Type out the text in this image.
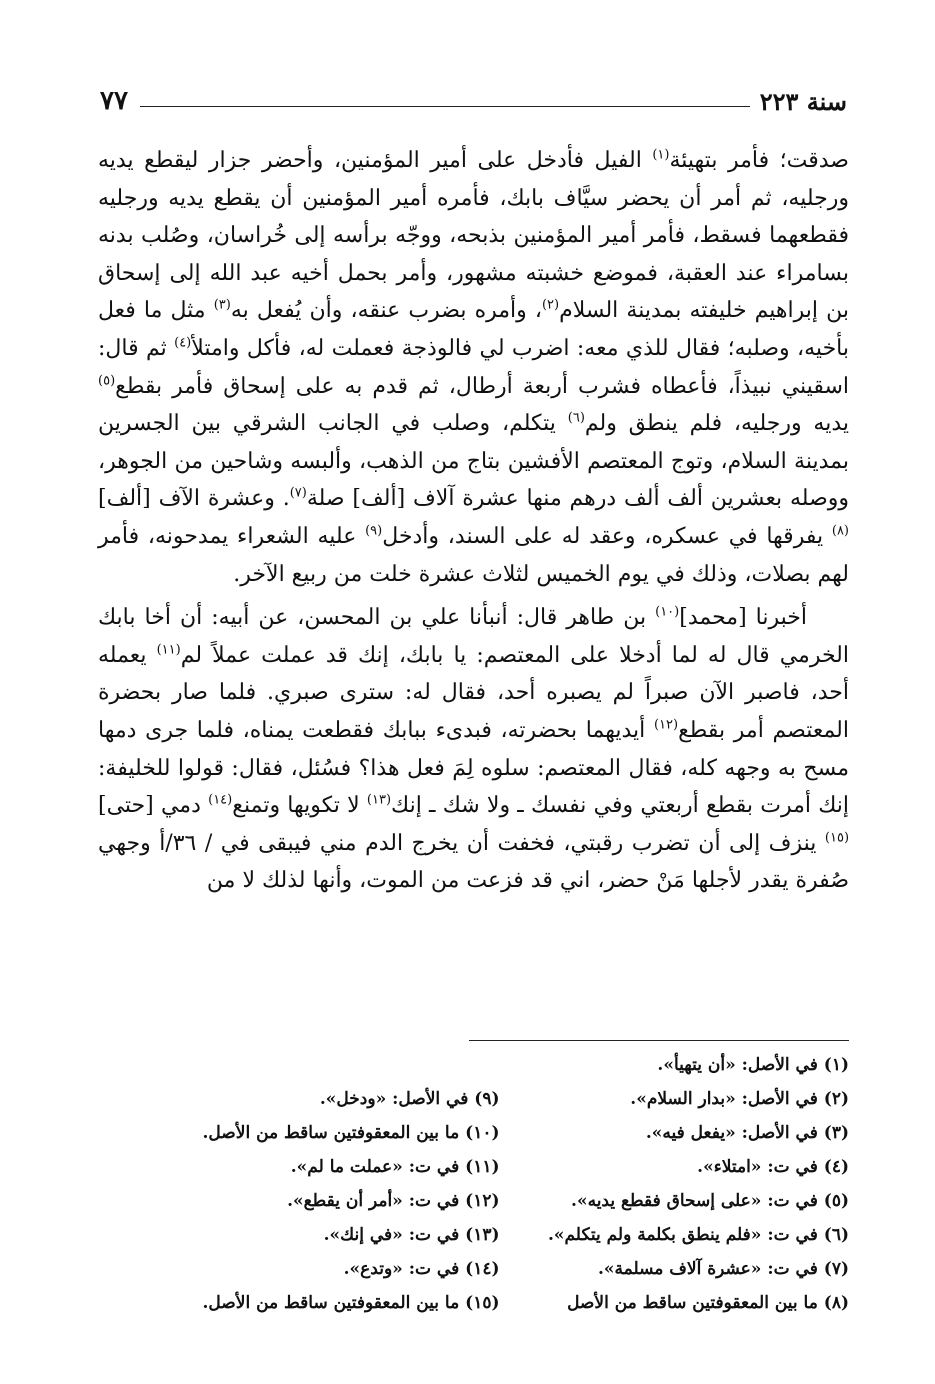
سنة ٢٢٣
٧٧

صدقت؛ فأمر بتهيئة$^{(١)}$ الفيل فأدخل على أمير المؤمنين، وأحضر جزار ليقطع يديه ورجليه، ثم أمر أن يحضر سيَّاف بابك، فأمره أمير المؤمنين أن يقطع يديه ورجليه فقطعهما فسقط، فأمر أمير المؤمنين بذبحه، ووجّه برأسه إلى خُراسان، وصُلب بدنه بسامراء عند العقبة، فموضع خشبته مشهور، وأمر بحمل أخيه عبد الله إلى إسحاق بن إبراهيم خليفته بمدينة السلام$^{(٢)}$، وأمره بضرب عنقه، وأن يُفعل به$^{(٣)}$ مثل ما فعل بأخيه، وصلبه؛ فقال للذي معه: اضرب لي فالوذجة فعملت له، فأكل وامتلأ$^{(٤)}$ ثم قال: اسقيني نبيذاً، فأعطاه فشرب أربعة أرطال، ثم قدم به على إسحاق فأمر بقطع$^{(٥)}$ يديه ورجليه، فلم ينطق ولم$^{(٦)}$ يتكلم، وصلب في الجانب الشرقي بين الجسرين بمدينة السلام، وتوج المعتصم الأفشين بتاج من الذهب، وألبسه وشاحين من الجوهر، ووصله بعشرين ألف ألف درهم منها عشرة آلاف [ألف] صلة$^{(٧)}$. وعشرة الآف [ألف]$^{(٨)}$ يفرقها في عسكره، وعقد له على السند، وأدخل$^{(٩)}$ عليه الشعراء يمدحونه، فأمر لهم بصلات، وذلك في يوم الخميس لثلاث عشرة خلت من ربيع الآخر.

أخبرنا [محمد]$^{(١٠)}$ بن طاهر قال: أنبأنا علي بن المحسن، عن أبيه: أن أخا بابك الخرمي قال له لما أدخلا على المعتصم: يا بابك، إنك قد عملت عملاً لم$^{(١١)}$ يعمله أحد، فاصبر الآن صبراً لم يصبره أحد، فقال له: سترى صبري. فلما صار بحضرة المعتصم أمر بقطع$^{(١٢)}$ أيديهما بحضرته، فبدىء ببابك فقطعت يمناه، فلما جرى دمها مسح به وجهه كله، فقال المعتصم: سلوه لِمَ فعل هذا؟ فسُئل، فقال: قولوا للخليفة: إنك أمرت بقطع أربعتي وفي نفسك ـ ولا شك ـ إنك$^{(١٣)}$ لا تكويها وتمنع$^{(١٤)}$ دمي [حتى]$^{(١٥)}$ ينزف إلى أن تضرب رقبتي، فخفت أن يخرج الدم مني فيبقى في / ٣٦/أ وجهي صُفرة يقدر لأجلها مَنْ حضر، اني قد فزعت من الموت، وأنها لذلك لا من

(١) في الأصل: «أن يتهيأ».
(٢) في الأصل: «بدار السلام».
(٣) في الأصل: «يفعل فيه».
(٤) في ت: «امتلاء».
(٥) في ت: «على إسحاق فقطع يديه».
(٦) في ت: «فلم ينطق بكلمة ولم يتكلم».
(٧) في ت: «عشرة آلاف مسلمة».
(٨) ما بين المعقوفتين ساقط من الأصل
(٩) في الأصل: «ودخل».
(١٠) ما بين المعقوفتين ساقط من الأصل.
(١١) في ت: «عملت ما لم».
(١٢) في ت: «أمر أن يقطع».
(١٣) في ت: «في إنك».
(١٤) في ت: «وتدع».
(١٥) ما بين المعقوفتين ساقط من الأصل.
